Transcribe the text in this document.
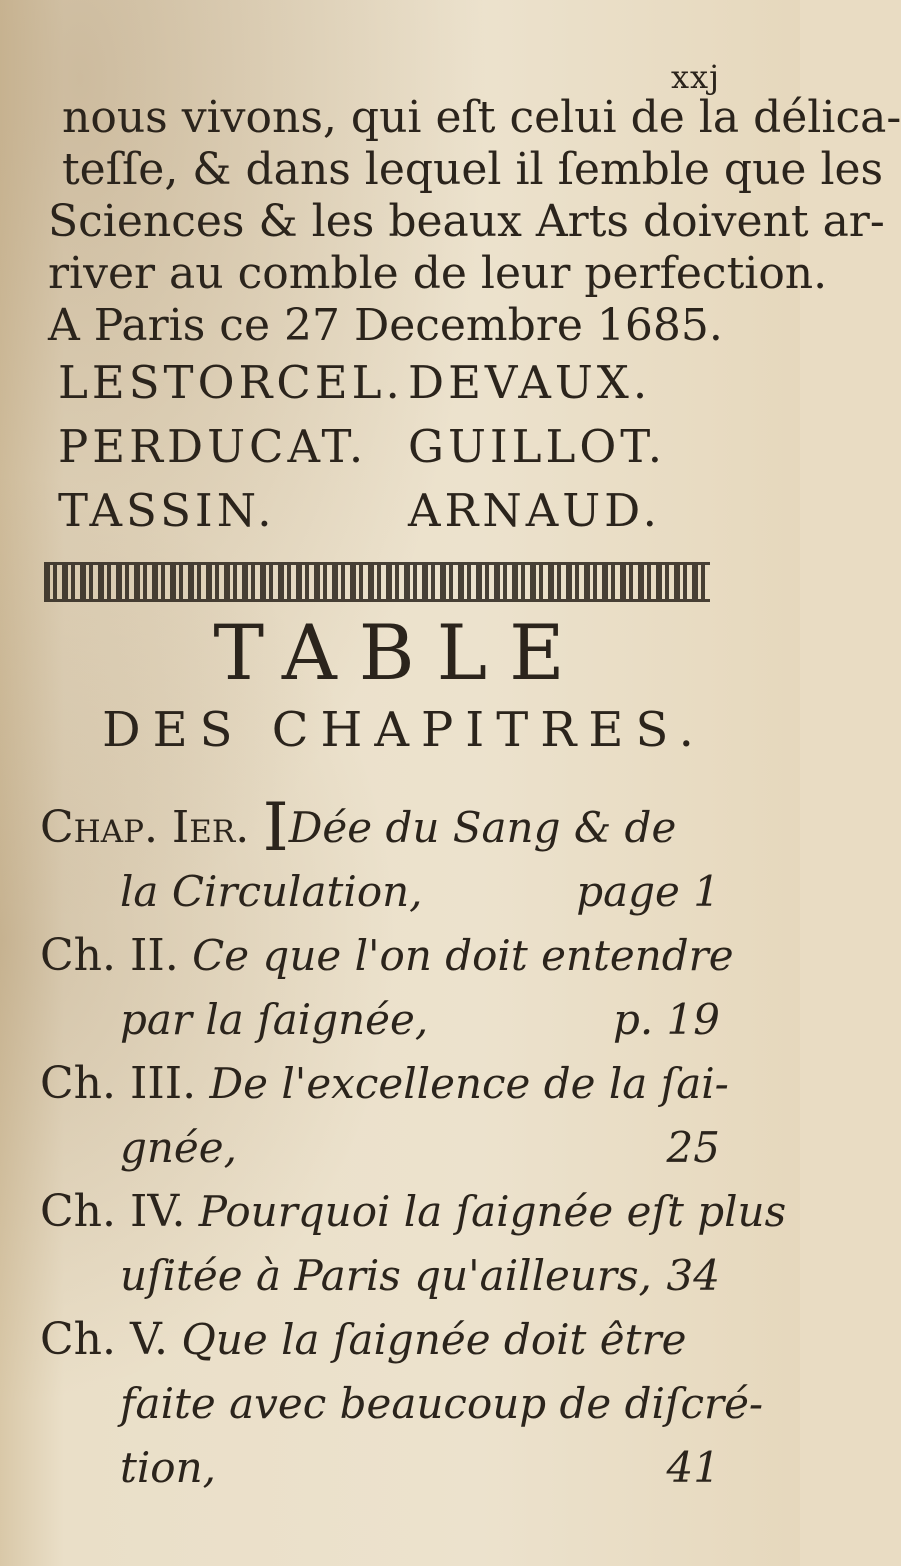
xxj
nous vivons, qui eſt celui de la délica-
teſſe, & dans lequel il ſemble que les
Sciences & les beaux Arts doivent ar-
river au comble de leur perfection.
A Paris ce 27 Decembre 1685.
LESTORCEL. DEVAUX.
PERDUCAT. GUILLOT.
TASSIN.	ARNAUD.
TABLE
DES CHAPITRES.
Chap. Ier. IDée du Sang & de
la Circulation,	page 1
Ch. II. Ce que l'on doit entendre
par la ſaignée,	p. 19
Ch. III. De l'excellence de la ſai-
gnée,	25
Ch. IV. Pourquoi la ſaignée eſt plus
uſitée à Paris qu'ailleurs, 34
Ch. V. Que la ſaignée doit être
faite avec beaucoup de diſcré-
tion,	41
